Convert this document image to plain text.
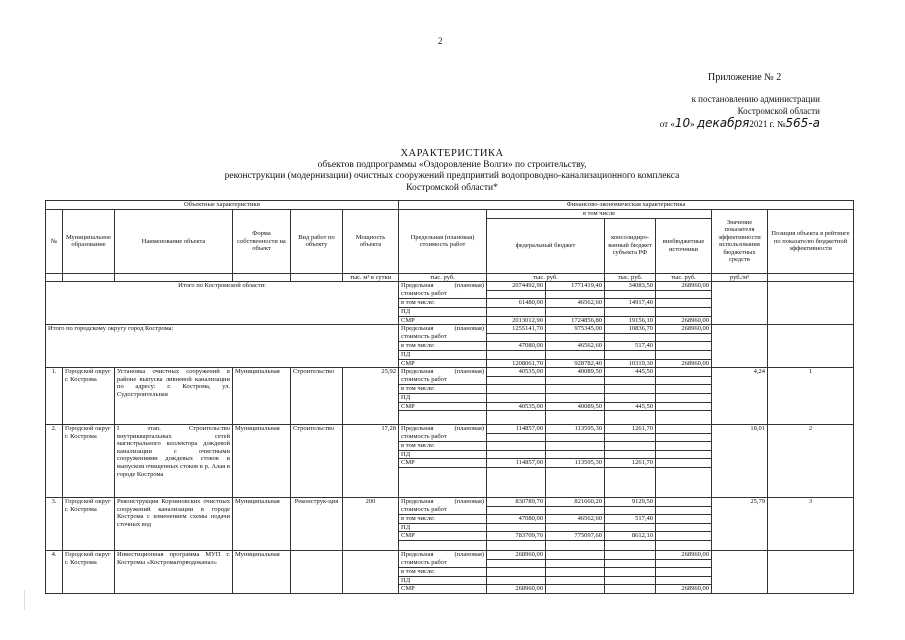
2
Приложение № 2
к постановлению администрации
Костромской области
от «10» декабря2021 г. №565-а
ХАРАКТЕРИСТИКА
объектов подпрограммы «Оздоровление Волги» по строительству,
реконструкции (модернизации) очистных сооружений предприятий водопроводно-канализационного комплекса
Костромской области*
Объектные характеристики						Финансово-экономическая характеристика						
№	Муниципальное образование	Наименование объекта	Форма собственности на объект	Вид работ по объекту	Мощность объекта	Предельная (плановая) стоимость работ	в том числе				Значение показателя эффективности использования бюджетных средств	Позиция объекта в рейтинге по показателю бюджетной эффективности
							федеральный бюджет		консолидиро-ванный бюджет субъекта РФ	внебюджетные источники		
					тыс. м³ в сутки	тыс. руб.	тыс. руб.		тыс. руб.	тыс. руб.	руб./м³	
Итого по Костромской области:						Предельная (плановая) стоимость работ	2074492,90	1771419,40	34083,50	268960,00		

						в том числе:	61480,00	46562,60	14917,40			
						ПД						
						СМР	2013012,90	1724856,80	19156,10	268960,00		
Итого по городскому округу город Кострома:						Предельная (плановая) стоимость работ	1255141,70	975345,00	10836,70	268960,00		

						в том числе:	47080,00	46562,60	517,40			
						ПД						
						СМР	1208061,70	928782,40	10319,30	268960,00		
1.	Городской округ г. Кострома	Установка очистных сооружений в районе выпуска ливневой канализации по адресу: г. Кострома, ул. Судостроительная	Муниципальная	Строительство	25,92	Предельная (плановая) стоимость работ	40535,00	40089,50	445,50		4,24	1

						в том числе:						
						ПД						
						СМР	40535,00	40089,50	445,50			

2.	Городской округ г. Кострома	I этап. Строительство внутриквартальных сетей магистрального коллектора дождевой канализации с очистными сооружениями дождевых стоков и выпуском очищенных стоков в р. Алая в городе Кострома	Муниципальная	Строительство	17,28	Предельная (плановая) стоимость работ	114857,00	113595,30	1261,70		18,01	2

						в том числе:						
						ПД						
						СМР	114857,00	113595,30	1261,70			

3.	Городской округ г. Кострома	Реконструкция Корзиновских очистных сооружений канализации в городе Кострома с изменением схемы подачи сточных вод	Муниципальная	Реконструк-ция	200	Предельная (плановая) стоимость работ	830789,70	821660,20	9129,50		25,79	3

						в том числе:	47080,00	46562,60	517,40			
						ПД						
						СМР	783709,70	775097,60	8612,10			

4.	Городской округ г. Кострома	Инвестиционная программа МУП г. Костромы «Костромагорводоканал»	Муниципальная			Предельная (плановая) стоимость работ	268960,00			268960,00		

						в том числе:						
						ПД						
						СМР	268960,00			268960,00		
